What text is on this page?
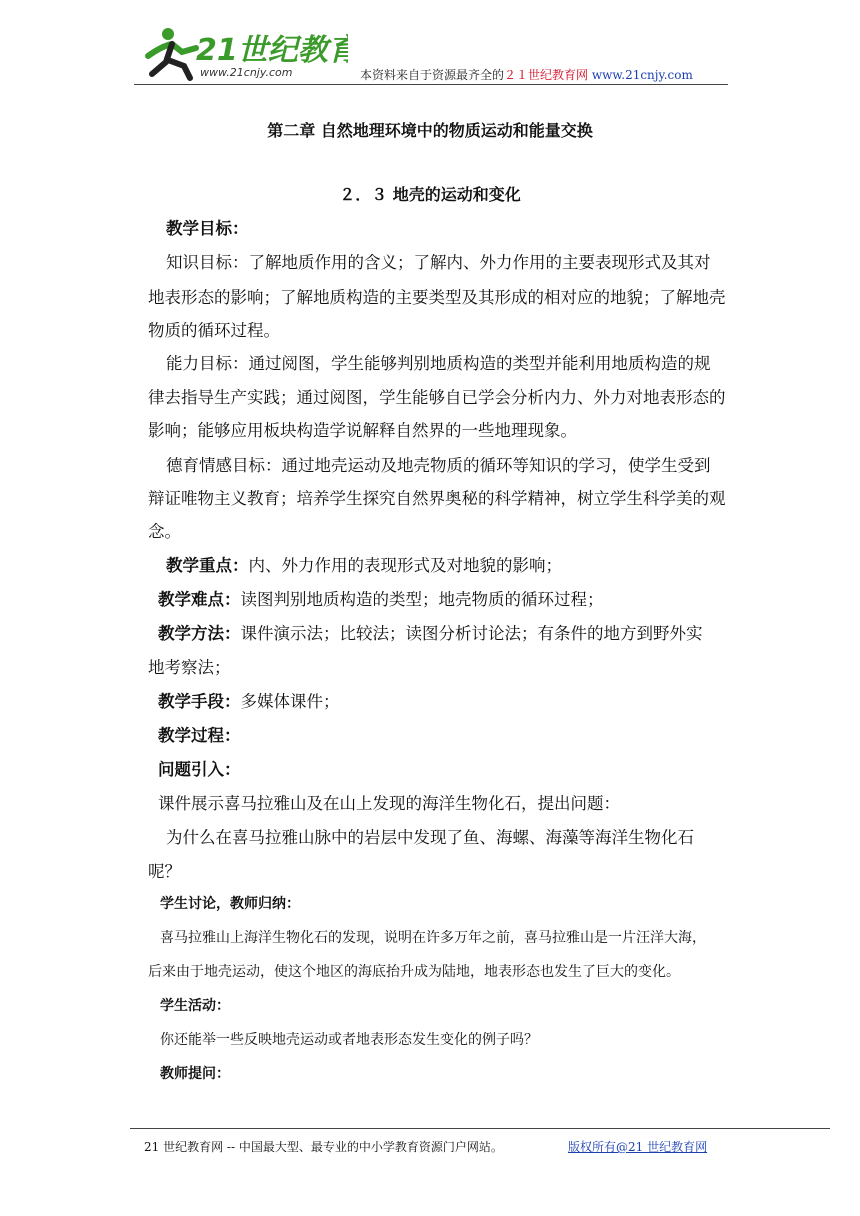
21世纪教育
www.21cnjy.com	本资料来自于资源最齐全的２１世纪教育网 www.21cnjy.com
第二章 自然地理环境中的物质运动和能量交换
２．３ 地壳的运动和变化
教学目标：
知识目标：了解地质作用的含义；了解内、外力作用的主要表现形式及其对
地表形态的影响；了解地质构造的主要类型及其形成的相对应的地貌；了解地壳
物质的循环过程。
能力目标：通过阅图，学生能够判别地质构造的类型并能利用地质构造的规
律去指导生产实践；通过阅图，学生能够自已学会分析内力、外力对地表形态的
影响；能够应用板块构造学说解释自然界的一些地理现象。
德育情感目标：通过地壳运动及地壳物质的循环等知识的学习，使学生受到
辩证唯物主义教育；培养学生探究自然界奥秘的科学精神，树立学生科学美的观
念。
教学重点：内、外力作用的表现形式及对地貌的影响；
教学难点：读图判别地质构造的类型；地壳物质的循环过程；
教学方法：课件演示法；比较法；读图分析讨论法；有条件的地方到野外实
地考察法；
教学手段：多媒体课件；
教学过程：
问题引入：
课件展示喜马拉雅山及在山上发现的海洋生物化石，提出问题：
为什么在喜马拉雅山脉中的岩层中发现了鱼、海螺、海藻等海洋生物化石
呢？
学生讨论，教师归纳：
喜马拉雅山上海洋生物化石的发现，说明在许多万年之前，喜马拉雅山是一片汪洋大海，
后来由于地壳运动，使这个地区的海底抬升成为陆地，地表形态也发生了巨大的变化。
学生活动：
你还能举一些反映地壳运动或者地表形态发生变化的例子吗？
教师提问：
21 世纪教育网 -- 中国最大型、最专业的中小学教育资源门户网站。	版权所有@21 世纪教育网
